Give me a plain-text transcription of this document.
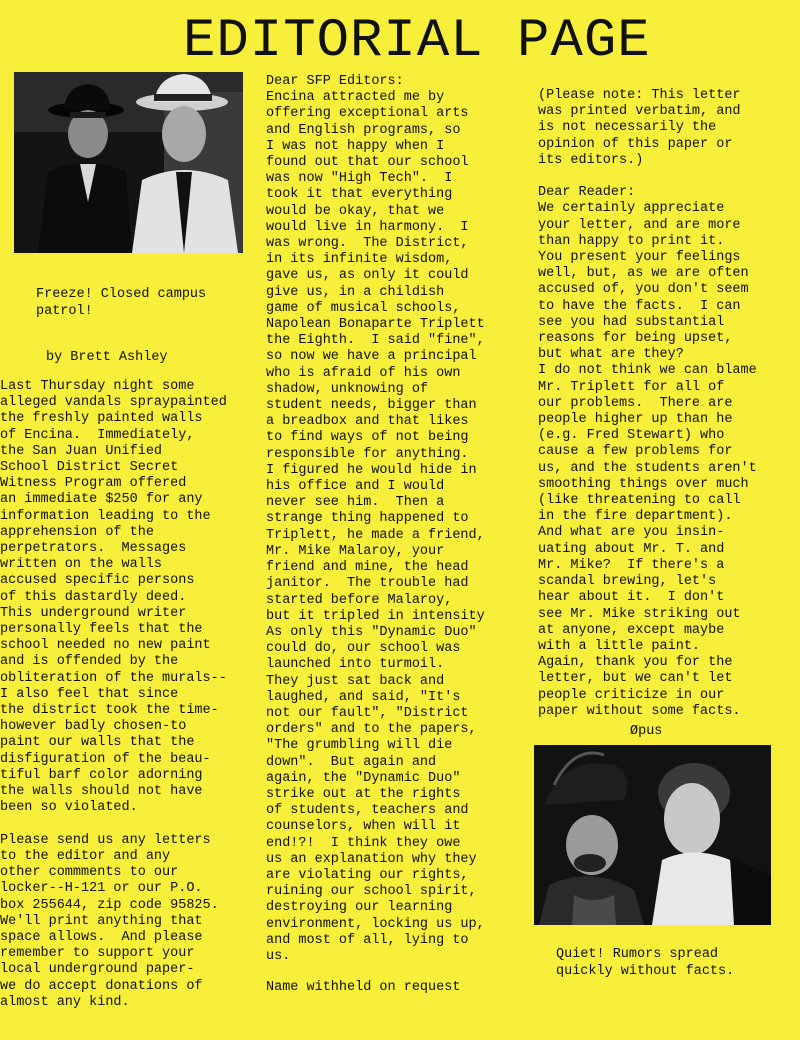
EDITORIAL PAGE
Freeze! Closed campus
patrol!
by Brett Ashley
Last Thursday night some
alleged vandals spraypainted
the freshly painted walls
of Encina.  Immediately,
the San Juan Unified
School District Secret
Witness Program offered
an immediate $250 for any
information leading to the
apprehension of the
perpetrators.  Messages
written on the walls
accused specific persons
of this dastardly deed.
This underground writer
personally feels that the
school needed no new paint
and is offended by the
obliteration of the murals--
I also feel that since
the district took the time-
however badly chosen-to
paint our walls that the
disfiguration of the beau-
tiful barf color adorning
the walls should not have
been so violated.

Please send us any letters
to the editor and any
other commments to our
locker--H-121 or our P.O.
box 255644, zip code 95825.
We'll print anything that
space allows.  And please
remember to support your
local underground paper-
we do accept donations of
almost any kind.
Dear SFP Editors:
Encina attracted me by
offering exceptional arts
and English programs, so
I was not happy when I
found out that our school
was now "High Tech".  I
took it that everything
would be okay, that we
would live in harmony.  I
was wrong.  The District,
in its infinite wisdom,
gave us, as only it could
give us, in a childish
game of musical schools,
Napolean Bonaparte Triplett
the Eighth.  I said "fine",
so now we have a principal
who is afraid of his own
shadow, unknowing of
student needs, bigger than
a breadbox and that likes
to find ways of not being
responsible for anything.
I figured he would hide in
his office and I would
never see him.  Then a
strange thing happened to
Triplett, he made a friend,
Mr. Mike Malaroy, your
friend and mine, the head
janitor.  The trouble had
started before Malaroy,
but it tripled in intensity
As only this "Dynamic Duo"
could do, our school was
launched into turmoil.
They just sat back and
laughed, and said, "It's
not our fault", "District
orders" and to the papers,
"The grumbling will die
down".  But again and
again, the "Dynamic Duo"
strike out at the rights
of students, teachers and
counselors, when will it
end!?!  I think they owe
us an explanation why they
are violating our rights,
ruining our school spirit,
destroying our learning
environment, locking us up,
and most of all, lying to
us.
Name withheld on request
(Please note: This letter
was printed verbatim, and
is not necessarily the
opinion of this paper or
its editors.)

Dear Reader:
We certainly appreciate
your letter, and are more
than happy to print it.
You present your feelings
well, but, as we are often
accused of, you don't seem
to have the facts.  I can
see you had substantial
reasons for being upset,
but what are they?
I do not think we can blame
Mr. Triplett for all of
our problems.  There are
people higher up than he
(e.g. Fred Stewart) who
cause a few problems for
us, and the students aren't
smoothing things over much
(like threatening to call
in the fire department).
And what are you insin-
uating about Mr. T. and
Mr. Mike?  If there's a
scandal brewing, let's
hear about it.  I don't
see Mr. Mike striking out
at anyone, except maybe
with a little paint.
Again, thank you for the
letter, but we can't let
people criticize in our
paper without some facts.
Øpus
Quiet! Rumors spread
quickly without facts.
